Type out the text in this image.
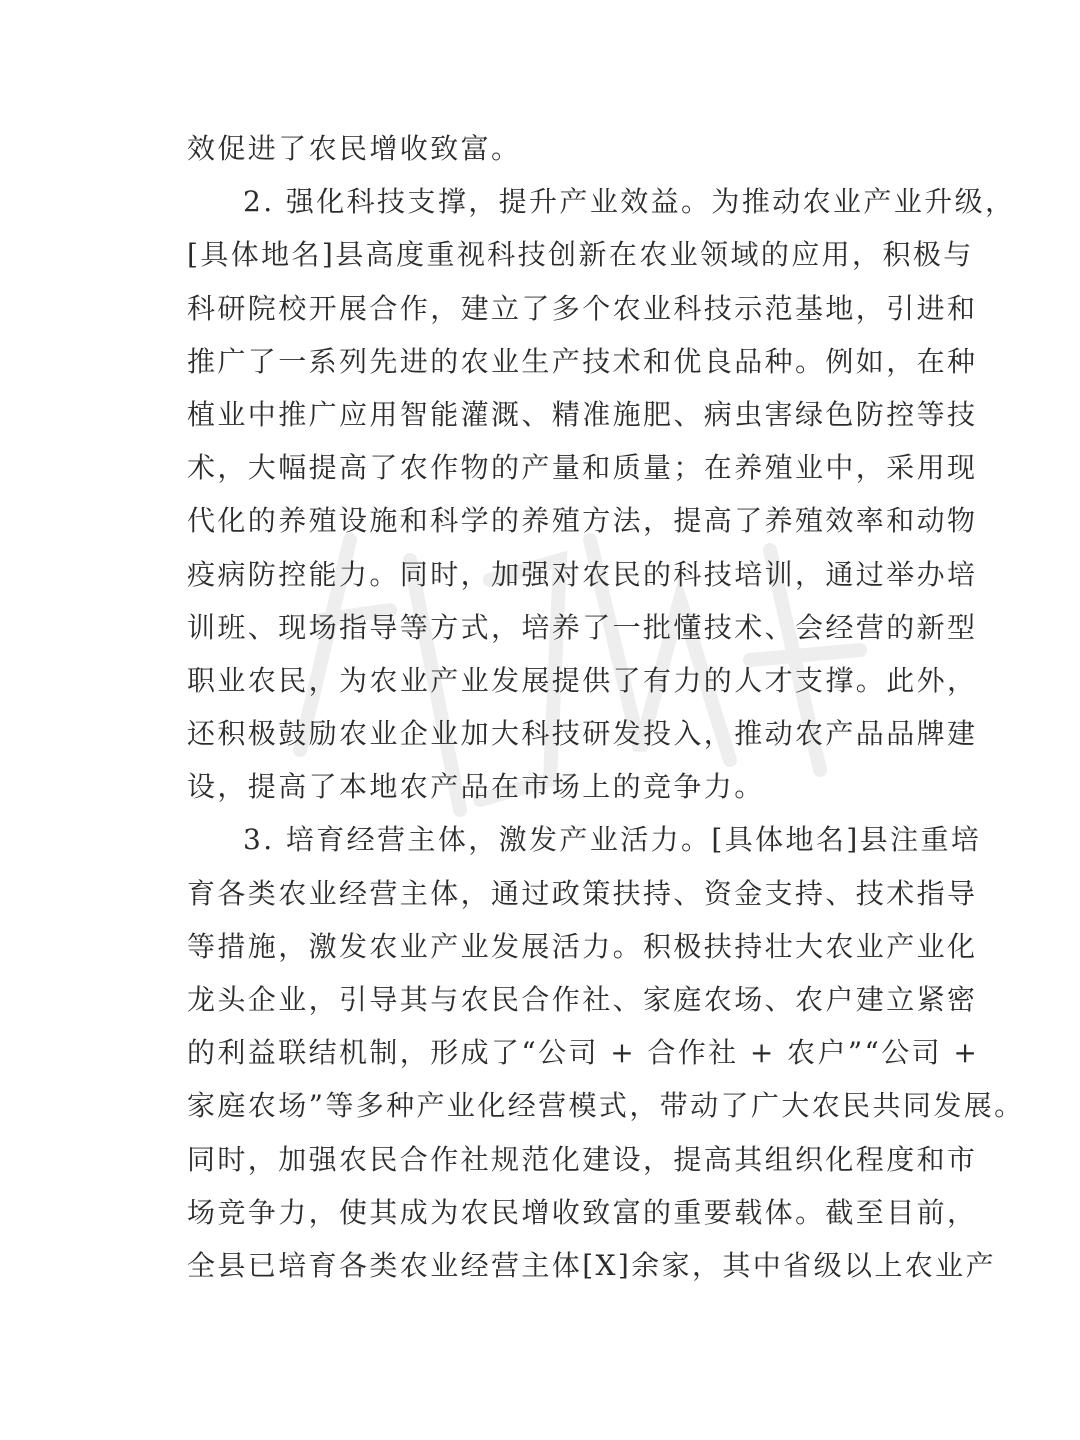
效促进了农民增收致富。
2. 强化科技支撑，提升产业效益。为推动农业产业升级，
[具体地名]县高度重视科技创新在农业领域的应用，积极与
科研院校开展合作，建立了多个农业科技示范基地，引进和
推广了一系列先进的农业生产技术和优良品种。例如，在种
植业中推广应用智能灌溉、精准施肥、病虫害绿色防控等技
术，大幅提高了农作物的产量和质量；在养殖业中，采用现
代化的养殖设施和科学的养殖方法，提高了养殖效率和动物
疫病防控能力。同时，加强对农民的科技培训，通过举办培
训班、现场指导等方式，培养了一批懂技术、会经营的新型
职业农民，为农业产业发展提供了有力的人才支撑。此外，
还积极鼓励农业企业加大科技研发投入，推动农产品品牌建
设，提高了本地农产品在市场上的竞争力。
3. 培育经营主体，激发产业活力。[具体地名]县注重培
育各类农业经营主体，通过政策扶持、资金支持、技术指导
等措施，激发农业产业发展活力。积极扶持壮大农业产业化
龙头企业，引导其与农民合作社、家庭农场、农户建立紧密
的利益联结机制，形成了“公司 + 合作社 + 农户”“公司 +
家庭农场”等多种产业化经营模式，带动了广大农民共同发展。
同时，加强农民合作社规范化建设，提高其组织化程度和市
场竞争力，使其成为农民增收致富的重要载体。截至目前，
全县已培育各类农业经营主体[X]余家，其中省级以上农业产
